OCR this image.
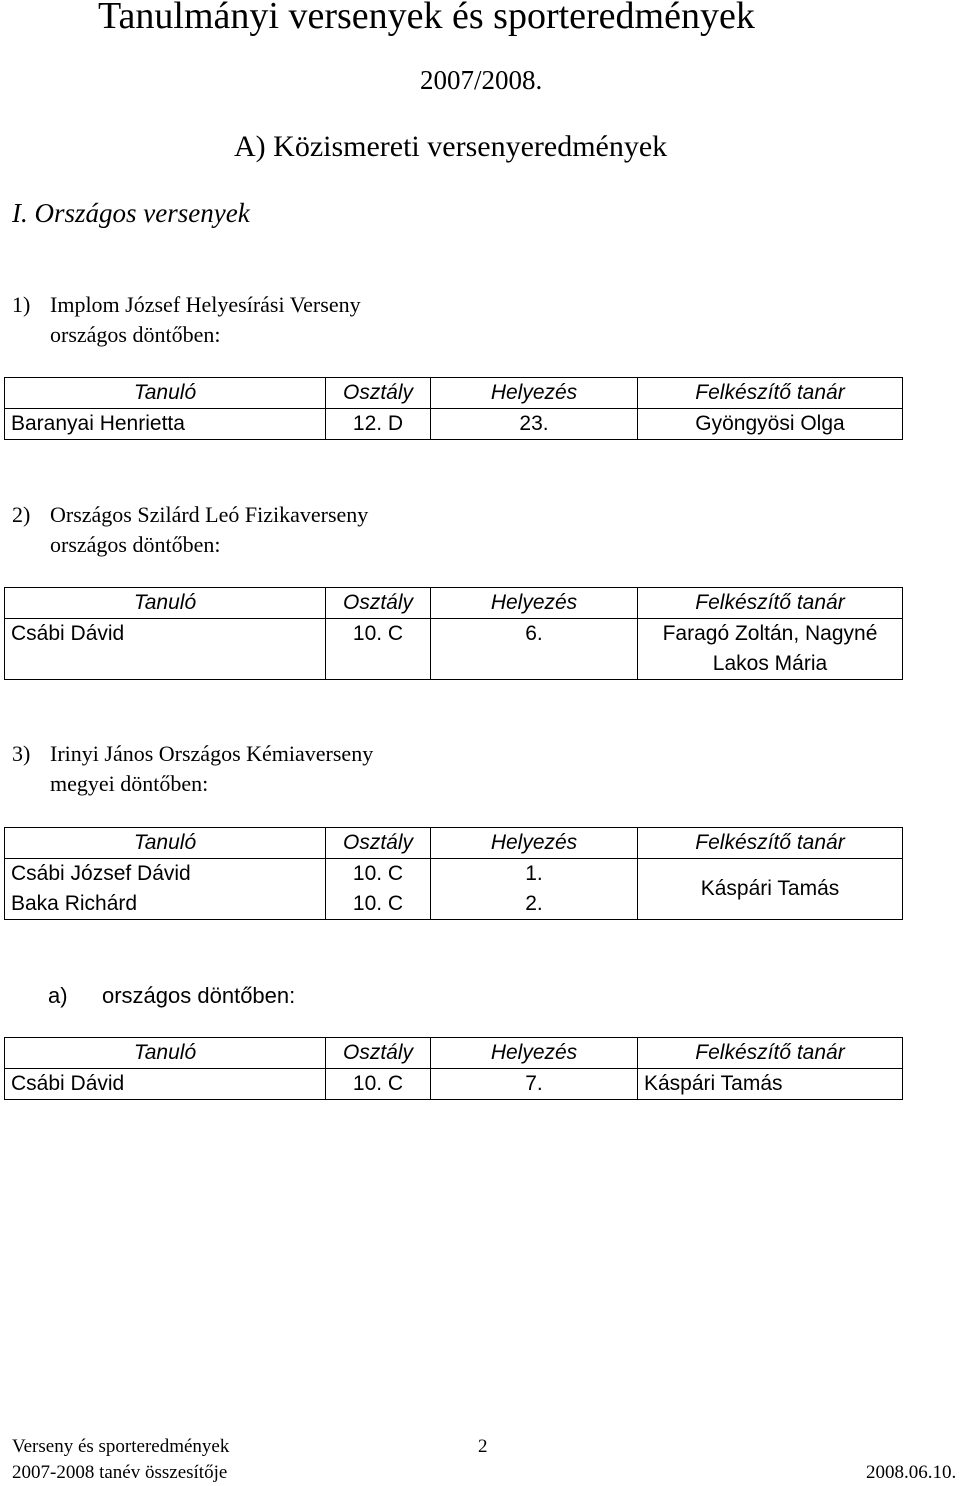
Tanulmányi versenyek és sporteredmények
2007/2008.
A) Közismereti versenyeredmények
I. Országos versenyek
1) Implom József Helyesírási Verseny
országos döntőben:
Tanuló	Osztály	Helyezés	Felkészítő tanár
Baranyai Henrietta	12. D	23.	Gyöngyösi Olga
2) Országos Szilárd Leó Fizikaverseny
országos döntőben:
Tanuló	Osztály	Helyezés	Felkészítő tanár
Csábi Dávid	10. C	6.	Faragó Zoltán, Nagyné Lakos Mária
3) Irinyi János Országos Kémiaverseny
megyei döntőben:
Tanuló	Osztály	Helyezés	Felkészítő tanár
Csábi József Dávid	10. C	1.	Káspári Tamás
Baka Richárd	10. C	2.	
a) országos döntőben:
Tanuló	Osztály	Helyezés	Felkészítő tanár
Csábi Dávid	10. C	7.	Káspári Tamás
Verseny és sporteredmények	2
2007-2008 tanév összesítője	2008.06.10.
